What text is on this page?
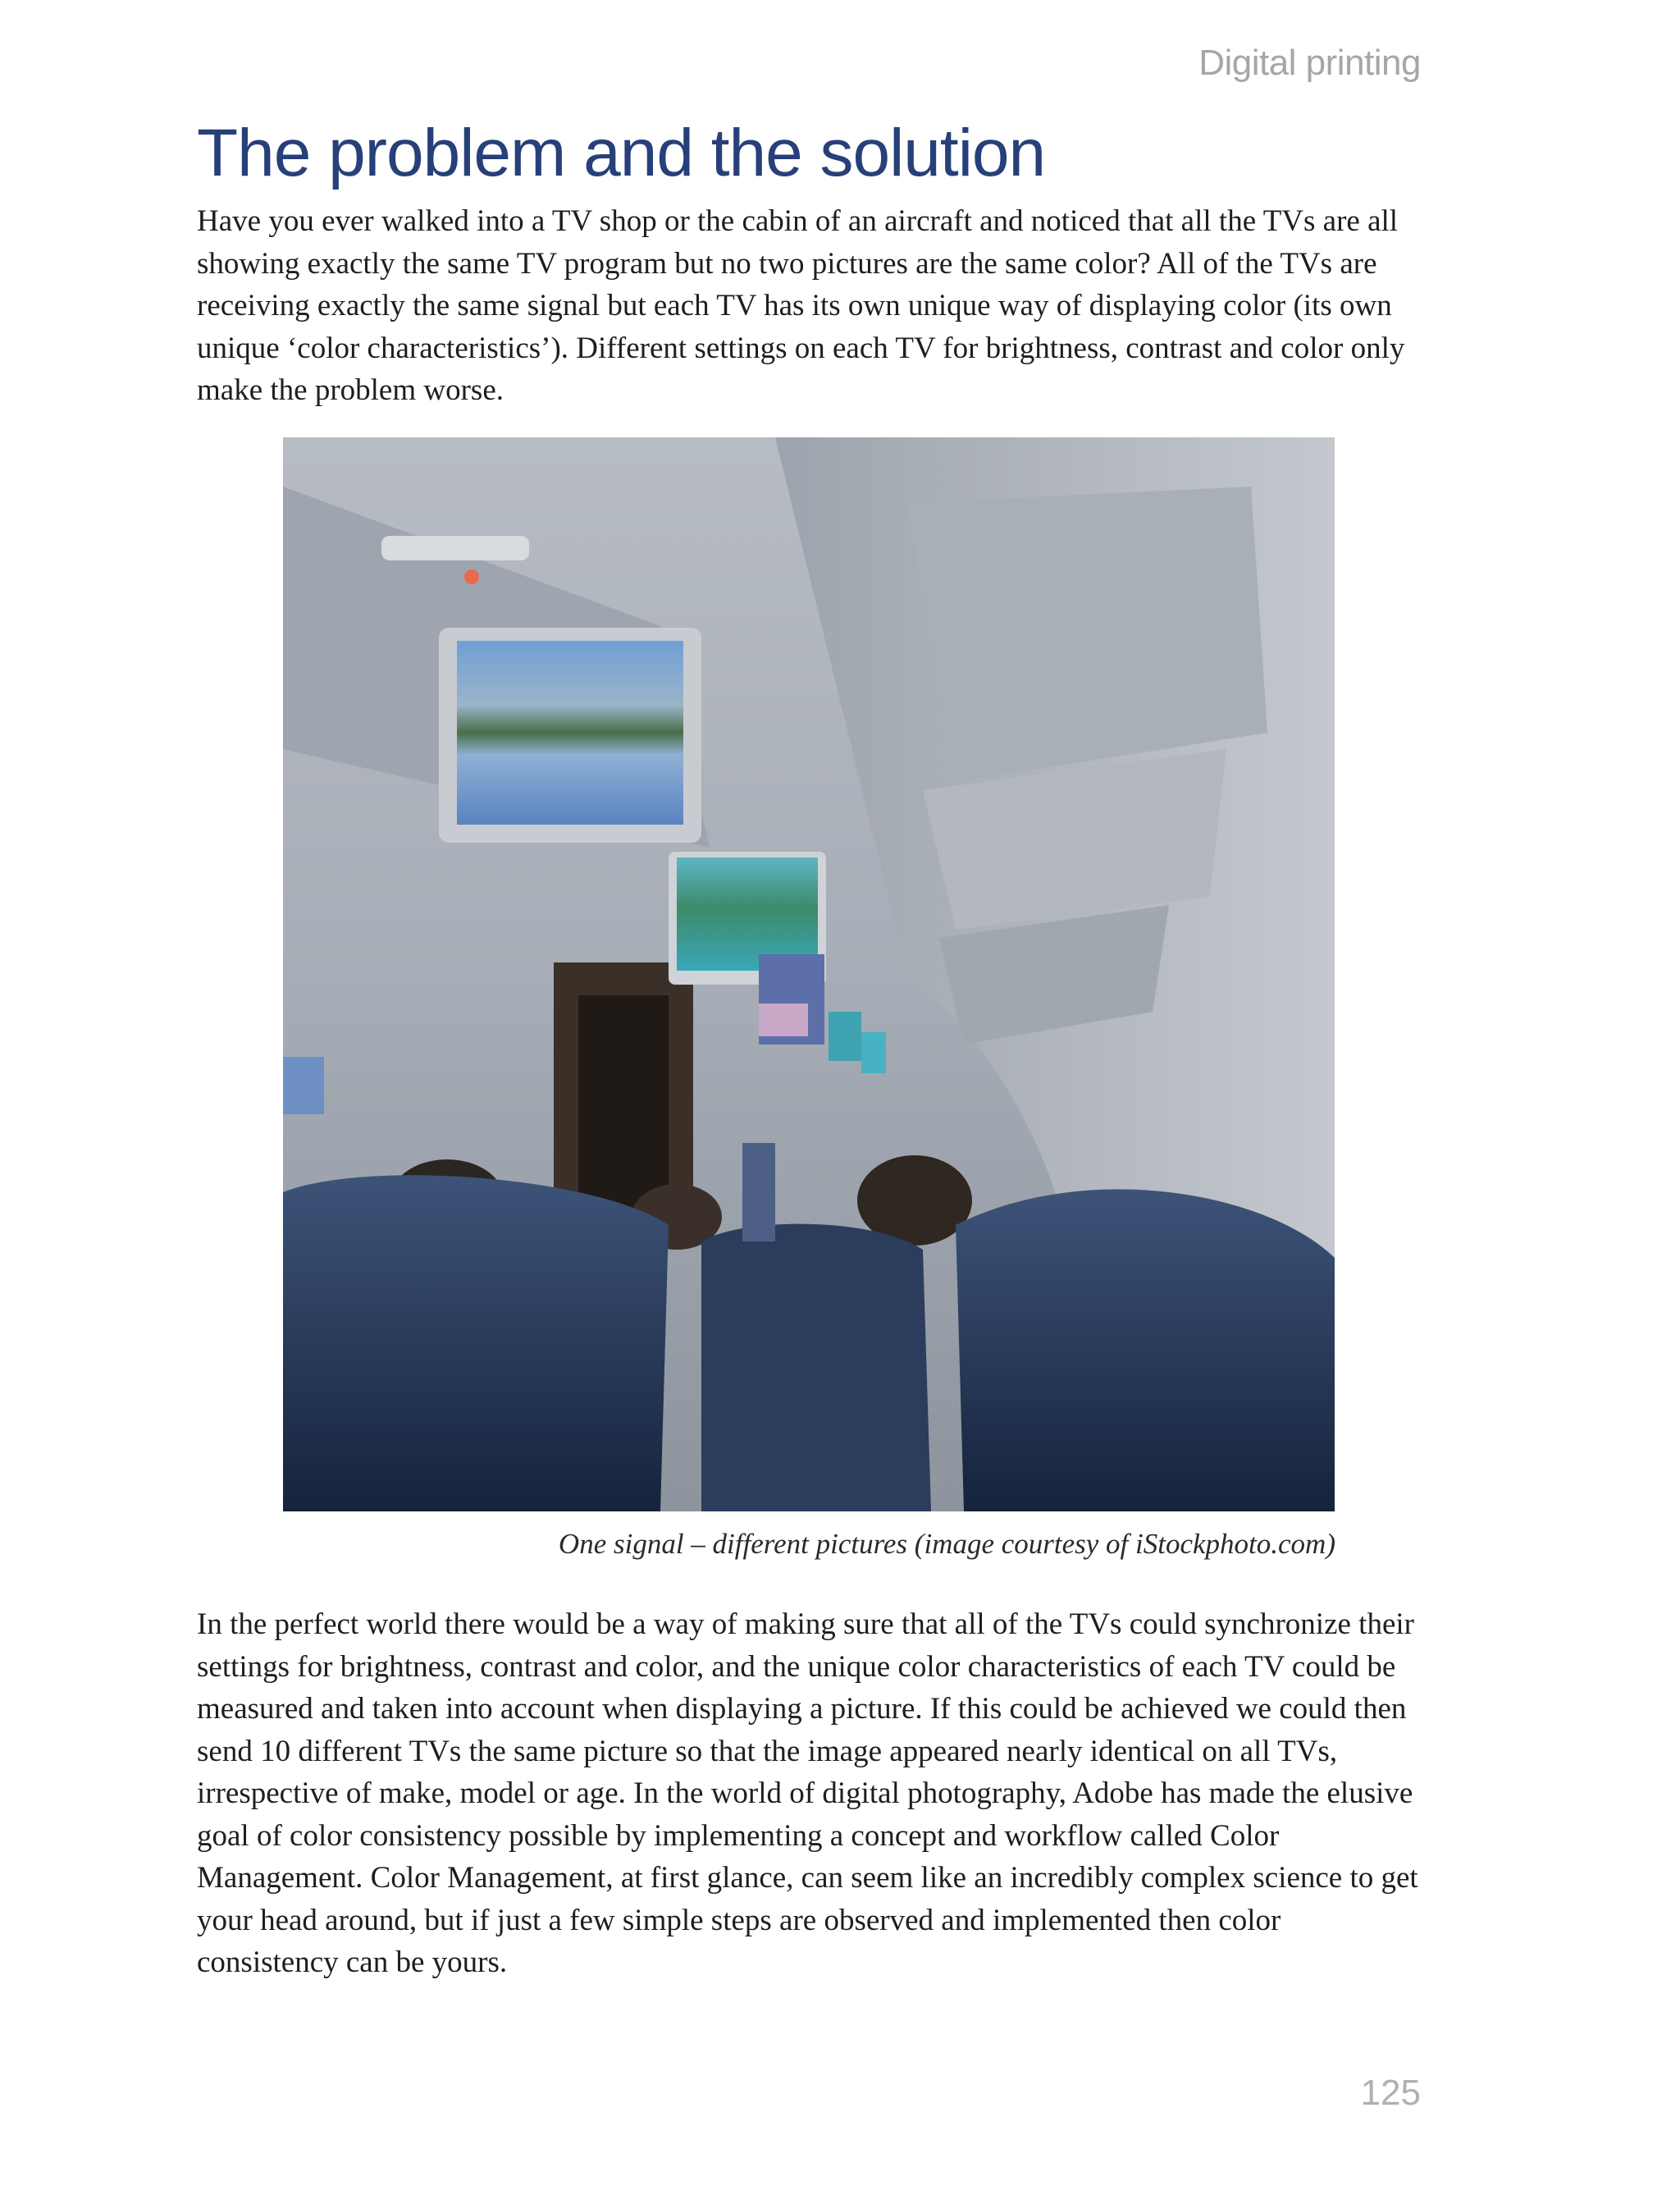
Digital printing
The problem and the solution

Have you ever walked into a TV shop or the cabin of an aircraft and noticed that all the TVs are all showing exactly the same TV program but no two pictures are the same color? All of the TVs are receiving exactly the same signal but each TV has its own unique way of displaying color (its own unique ‘color characteristics’). Different settings on each TV for brightness, contrast and color only make the problem worse.

One signal – different pictures (image courtesy of iStockphoto.com)

In the perfect world there would be a way of making sure that all of the TVs could synchronize their settings for brightness, contrast and color, and the unique color characteristics of each TV could be measured and taken into account when displaying a picture. If this could be achieved we could then send 10 different TVs the same picture so that the image appeared nearly identical on all TVs, irrespective of make, model or age. In the world of digital photography, Adobe has made the elusive goal of color consistency possible by implementing a concept and workflow called Color Management. Color Management, at first glance, can seem like an incredibly complex science to get your head around, but if just a few simple steps are observed and implemented then color consistency can be yours.

125
